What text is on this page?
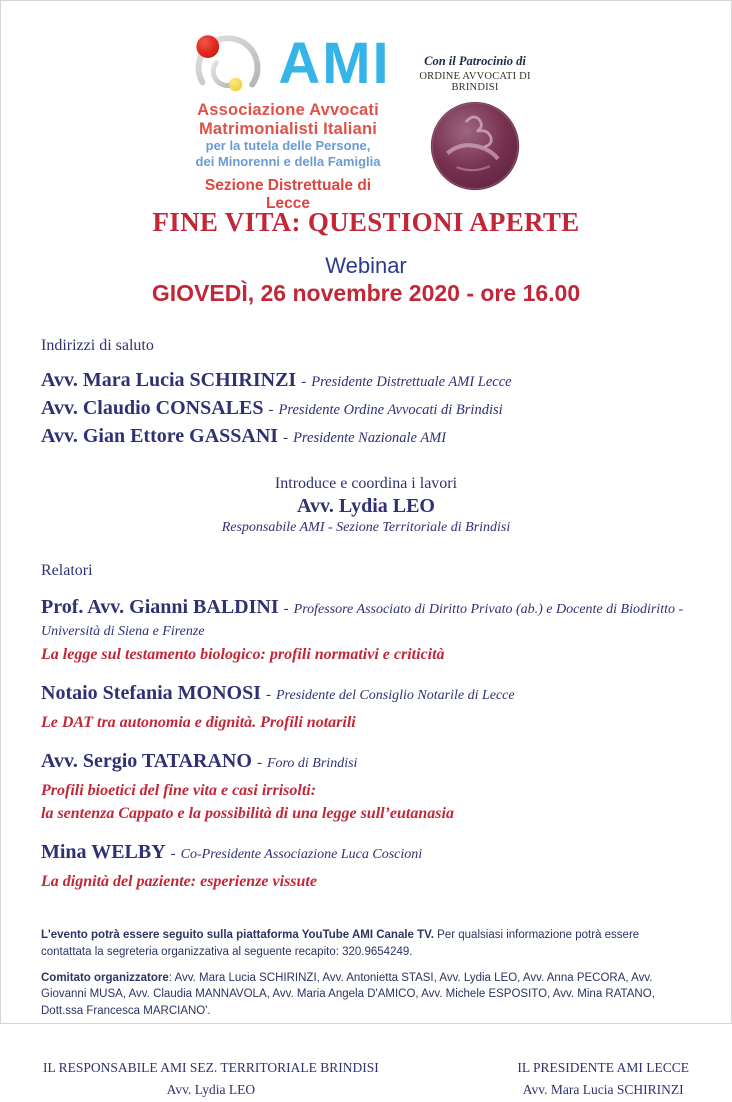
AMI
Associazione Avvocati
Matrimonialisti Italiani
per la tutela delle Persone,
dei Minorenni e della Famiglia
Sezione Distrettuale di Lecce
Con il Patrocinio di
ORDINE AVVOCATI DI BRINDISI
FINE VITA: QUESTIONI APERTE
Webinar
GIOVEDÌ, 26 novembre 2020 - ore 16.00
Indirizzi di saluto
Avv. Mara Lucia SCHIRINZI - Presidente Distrettuale AMI Lecce
Avv. Claudio CONSALES - Presidente Ordine Avvocati di Brindisi
Avv. Gian Ettore GASSANI - Presidente Nazionale AMI
Introduce e coordina i lavori
Avv. Lydia LEO
Responsabile AMI - Sezione Territoriale di Brindisi
Relatori
Prof. Avv. Gianni BALDINI - Professore Associato di Diritto Privato (ab.) e Docente di Biodiritto -
Università di Siena e Firenze
La legge sul testamento biologico: profili normativi e criticità
Notaio Stefania MONOSI - Presidente del Consiglio Notarile di Lecce
Le DAT tra autonomia e dignità. Profili notarili
Avv. Sergio TATARANO - Foro di Brindisi
Profili bioetici del fine vita e casi irrisolti:
la sentenza Cappato e la possibilità di una legge sull’eutanasia
Mina WELBY - Co-Presidente Associazione Luca Coscioni
La dignità del paziente: esperienze vissute

L'evento potrà essere seguito sulla piattaforma YouTube AMI Canale TV. Per qualsiasi informazione potrà essere contattata la segreteria organizzativa al seguente recapito: 320.9654249.

Comitato organizzatore: Avv. Mara Lucia SCHIRINZI, Avv. Antonietta STASI, Avv. Lydia LEO, Avv. Anna PECORA, Avv. Giovanni MUSA, Avv. Claudia MANNAVOLA, Avv. Maria Angela D'AMICO, Avv. Michele ESPOSITO, Avv. Mina RATANO, Dott.ssa Francesca MARCIANO'.

IL RESPONSABILE AMI SEZ. TERRITORIALE BRINDISI
Avv. Lydia LEO
IL PRESIDENTE AMI LECCE
Avv. Mara Lucia SCHIRINZI
